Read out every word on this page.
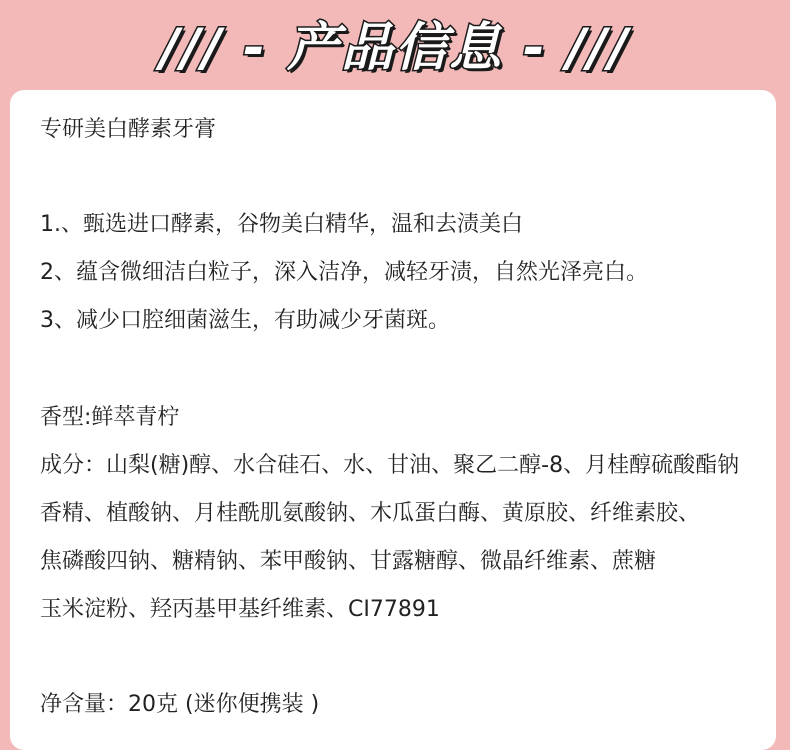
/// - 产品信息 - ///
专研美白酵素牙膏
1.、甄选进口酵素，谷物美白精华，温和去渍美白
2、蕴含微细洁白粒子，深入洁净，减轻牙渍，自然光泽亮白。
3、减少口腔细菌滋生，有助减少牙菌斑。
香型:鲜萃青柠
成分：山梨(糖)醇、水合硅石、水、甘油、聚乙二醇-8、月桂醇硫酸酯钠
香精、植酸钠、月桂酰肌氨酸钠、木瓜蛋白酶、黄原胶、纤维素胶、
焦磷酸四钠、糖精钠、苯甲酸钠、甘露糖醇、微晶纤维素、蔗糖
玉米淀粉、羟丙基甲基纤维素、CI77891
净含量：20克 (迷你便携装 )
